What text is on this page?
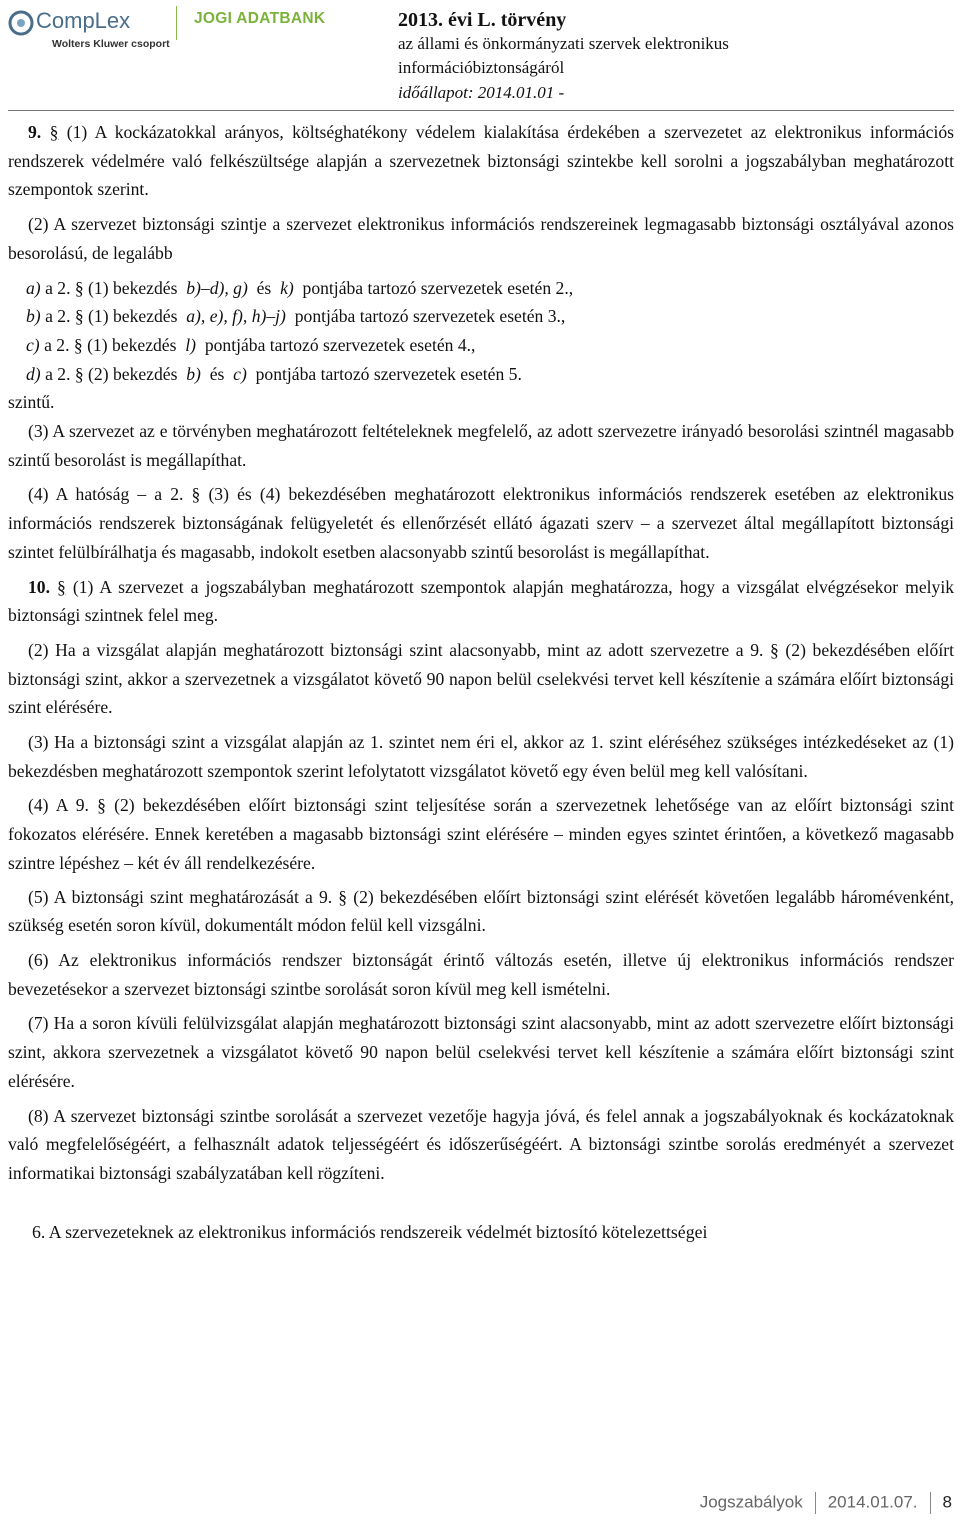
CompLex
Wolters Kluwer csoport
JOGI ADATBANK	2013. évi L. törvény
az állami és önkormányzati szervek elektronikus
információbiztonságáról
időállapot: 2014.01.01 -

9. § (1) A kockázatokkal arányos, költséghatékony védelem kialakítása érdekében a szervezetet az elektronikus információs rendszerek védelmére való felkészültsége alapján a szervezetnek biztonsági szintekbe kell sorolni a jogszabályban meghatározott szempontok szerint.

(2) A szervezet biztonsági szintje a szervezet elektronikus információs rendszereinek legmagasabb biztonsági osztályával azonos besorolású, de legalább

a) a 2. § (1) bekezdés b)–d), g) és k) pontjába tartozó szervezetek esetén 2.,

b) a 2. § (1) bekezdés a), e), f), h)–j) pontjába tartozó szervezetek esetén 3.,

c) a 2. § (1) bekezdés l) pontjába tartozó szervezetek esetén 4.,

d) a 2. § (2) bekezdés b) és c) pontjába tartozó szervezetek esetén 5.

szintű.

(3) A szervezet az e törvényben meghatározott feltételeknek megfelelő, az adott szervezetre irányadó besorolási szintnél magasabb szintű besorolást is megállapíthat.

(4) A hatóság – a 2. § (3) és (4) bekezdésében meghatározott elektronikus információs rendszerek esetében az elektronikus információs rendszerek biztonságának felügyeletét és ellenőrzését ellátó ágazati szerv – a szervezet által megállapított biztonsági szintet felülbírálhatja és magasabb, indokolt esetben alacsonyabb szintű besorolást is megállapíthat.

10. § (1) A szervezet a jogszabályban meghatározott szempontok alapján meghatározza, hogy a vizsgálat elvégzésekor melyik biztonsági szintnek felel meg.

(2) Ha a vizsgálat alapján meghatározott biztonsági szint alacsonyabb, mint az adott szervezetre a 9. § (2) bekezdésében előírt biztonsági szint, akkor a szervezetnek a vizsgálatot követő 90 napon belül cselekvési tervet kell készítenie a számára előírt biztonsági szint elérésére.

(3) Ha a biztonsági szint a vizsgálat alapján az 1. szintet nem éri el, akkor az 1. szint eléréséhez szükséges intézkedéseket az (1) bekezdésben meghatározott szempontok szerint lefolytatott vizsgálatot követő egy éven belül meg kell valósítani.

(4) A 9. § (2) bekezdésében előírt biztonsági szint teljesítése során a szervezetnek lehetősége van az előírt biztonsági szint fokozatos elérésére. Ennek keretében a magasabb biztonsági szint elérésére – minden egyes szintet érintően, a következő magasabb szintre lépéshez – két év áll rendelkezésére.

(5) A biztonsági szint meghatározását a 9. § (2) bekezdésében előírt biztonsági szint elérését követően legalább háromévenként, szükség esetén soron kívül, dokumentált módon felül kell vizsgálni.

(6) Az elektronikus információs rendszer biztonságát érintő változás esetén, illetve új elektronikus információs rendszer bevezetésekor a szervezet biztonsági szintbe sorolását soron kívül meg kell ismételni.

(7) Ha a soron kívüli felülvizsgálat alapján meghatározott biztonsági szint alacsonyabb, mint az adott szervezetre előírt biztonsági szint, akkora szervezetnek a vizsgálatot követő 90 napon belül cselekvési tervet kell készítenie a számára előírt biztonsági szint elérésére.

(8) A szervezet biztonsági szintbe sorolását a szervezet vezetője hagyja jóvá, és felel annak a jogszabályoknak és kockázatoknak való megfelelőségéért, a felhasznált adatok teljességéért és időszerűségéért. A biztonsági szintbe sorolás eredményét a szervezet informatikai biztonsági szabályzatában kell rögzíteni.

6. A szervezeteknek az elektronikus információs rendszereik védelmét biztosító kötelezettségei

Jogszabályok 2014.01.07. 8
